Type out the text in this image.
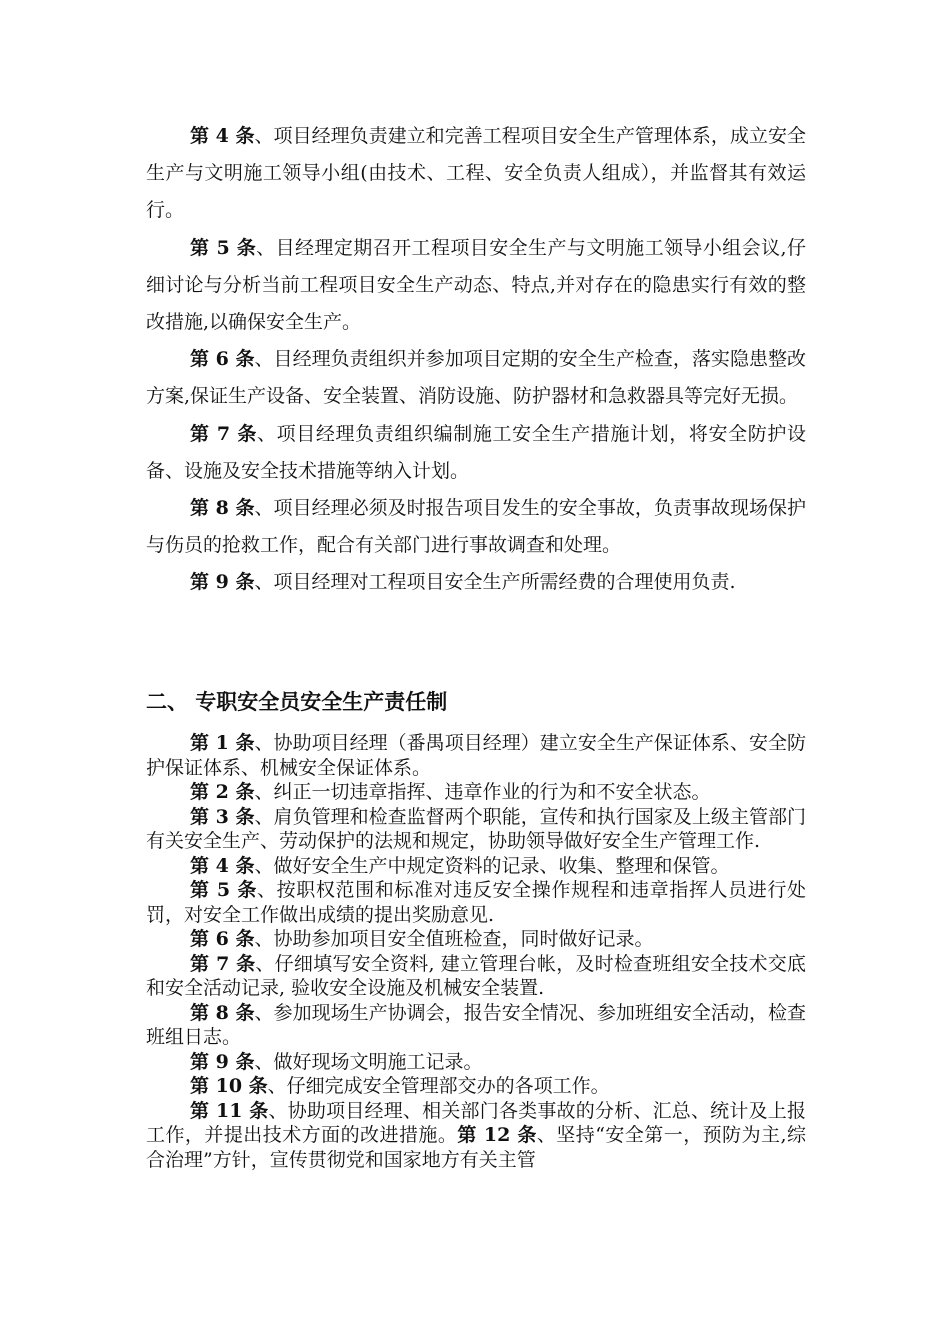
第 4 条、项目经理负责建立和完善工程项目安全生产管理体系，成立安全生产与文明施工领导小组(由技术、工程、安全负责人组成），并监督其有效运行。

第 5 条、目经理定期召开工程项目安全生产与文明施工领导小组会议,仔细讨论与分析当前工程项目安全生产动态、特点,并对存在的隐患实行有效的整改措施,以确保安全生产。

第 6 条、目经理负责组织并参加项目定期的安全生产检查，落实隐患整改方案,保证生产设备、安全装置、消防设施、防护器材和急救器具等完好无损。

第 7 条、项目经理负责组织编制施工安全生产措施计划，将安全防护设备、设施及安全技术措施等纳入计划。

第 8 条、项目经理必须及时报告项目发生的安全事故，负责事故现场保护与伤员的抢救工作，配合有关部门进行事故调查和处理。

第 9 条、项目经理对工程项目安全生产所需经费的合理使用负责.

二、 专职安全员安全生产责任制

第 1 条、协助项目经理（番禺项目经理）建立安全生产保证体系、安全防护保证体系、机械安全保证体系。

第 2 条、纠正一切违章指挥、违章作业的行为和不安全状态。

第 3 条、肩负管理和检查监督两个职能，宣传和执行国家及上级主管部门有关安全生产、劳动保护的法规和规定，协助领导做好安全生产管理工作.

第 4 条、做好安全生产中规定资料的记录、收集、整理和保管。

第 5 条、按职权范围和标准对违反安全操作规程和违章指挥人员进行处罚，对安全工作做出成绩的提出奖励意见.

第 6 条、协助参加项目安全值班检查，同时做好记录。

第 7 条、仔细填写安全资料, 建立管理台帐，及时检查班组安全技术交底和安全活动记录, 验收安全设施及机械安全装置.

第 8 条、参加现场生产协调会，报告安全情况、参加班组安全活动，检查班组日志。

第 9 条、做好现场文明施工记录。

第 10 条、仔细完成安全管理部交办的各项工作。

第 11 条、协助项目经理、相关部门各类事故的分析、汇总、统计及上报工作，并提出技术方面的改进措施。第 12 条、坚持“安全第一，预防为主,综合治理”方针，宣传贯彻党和国家地方有关主管
